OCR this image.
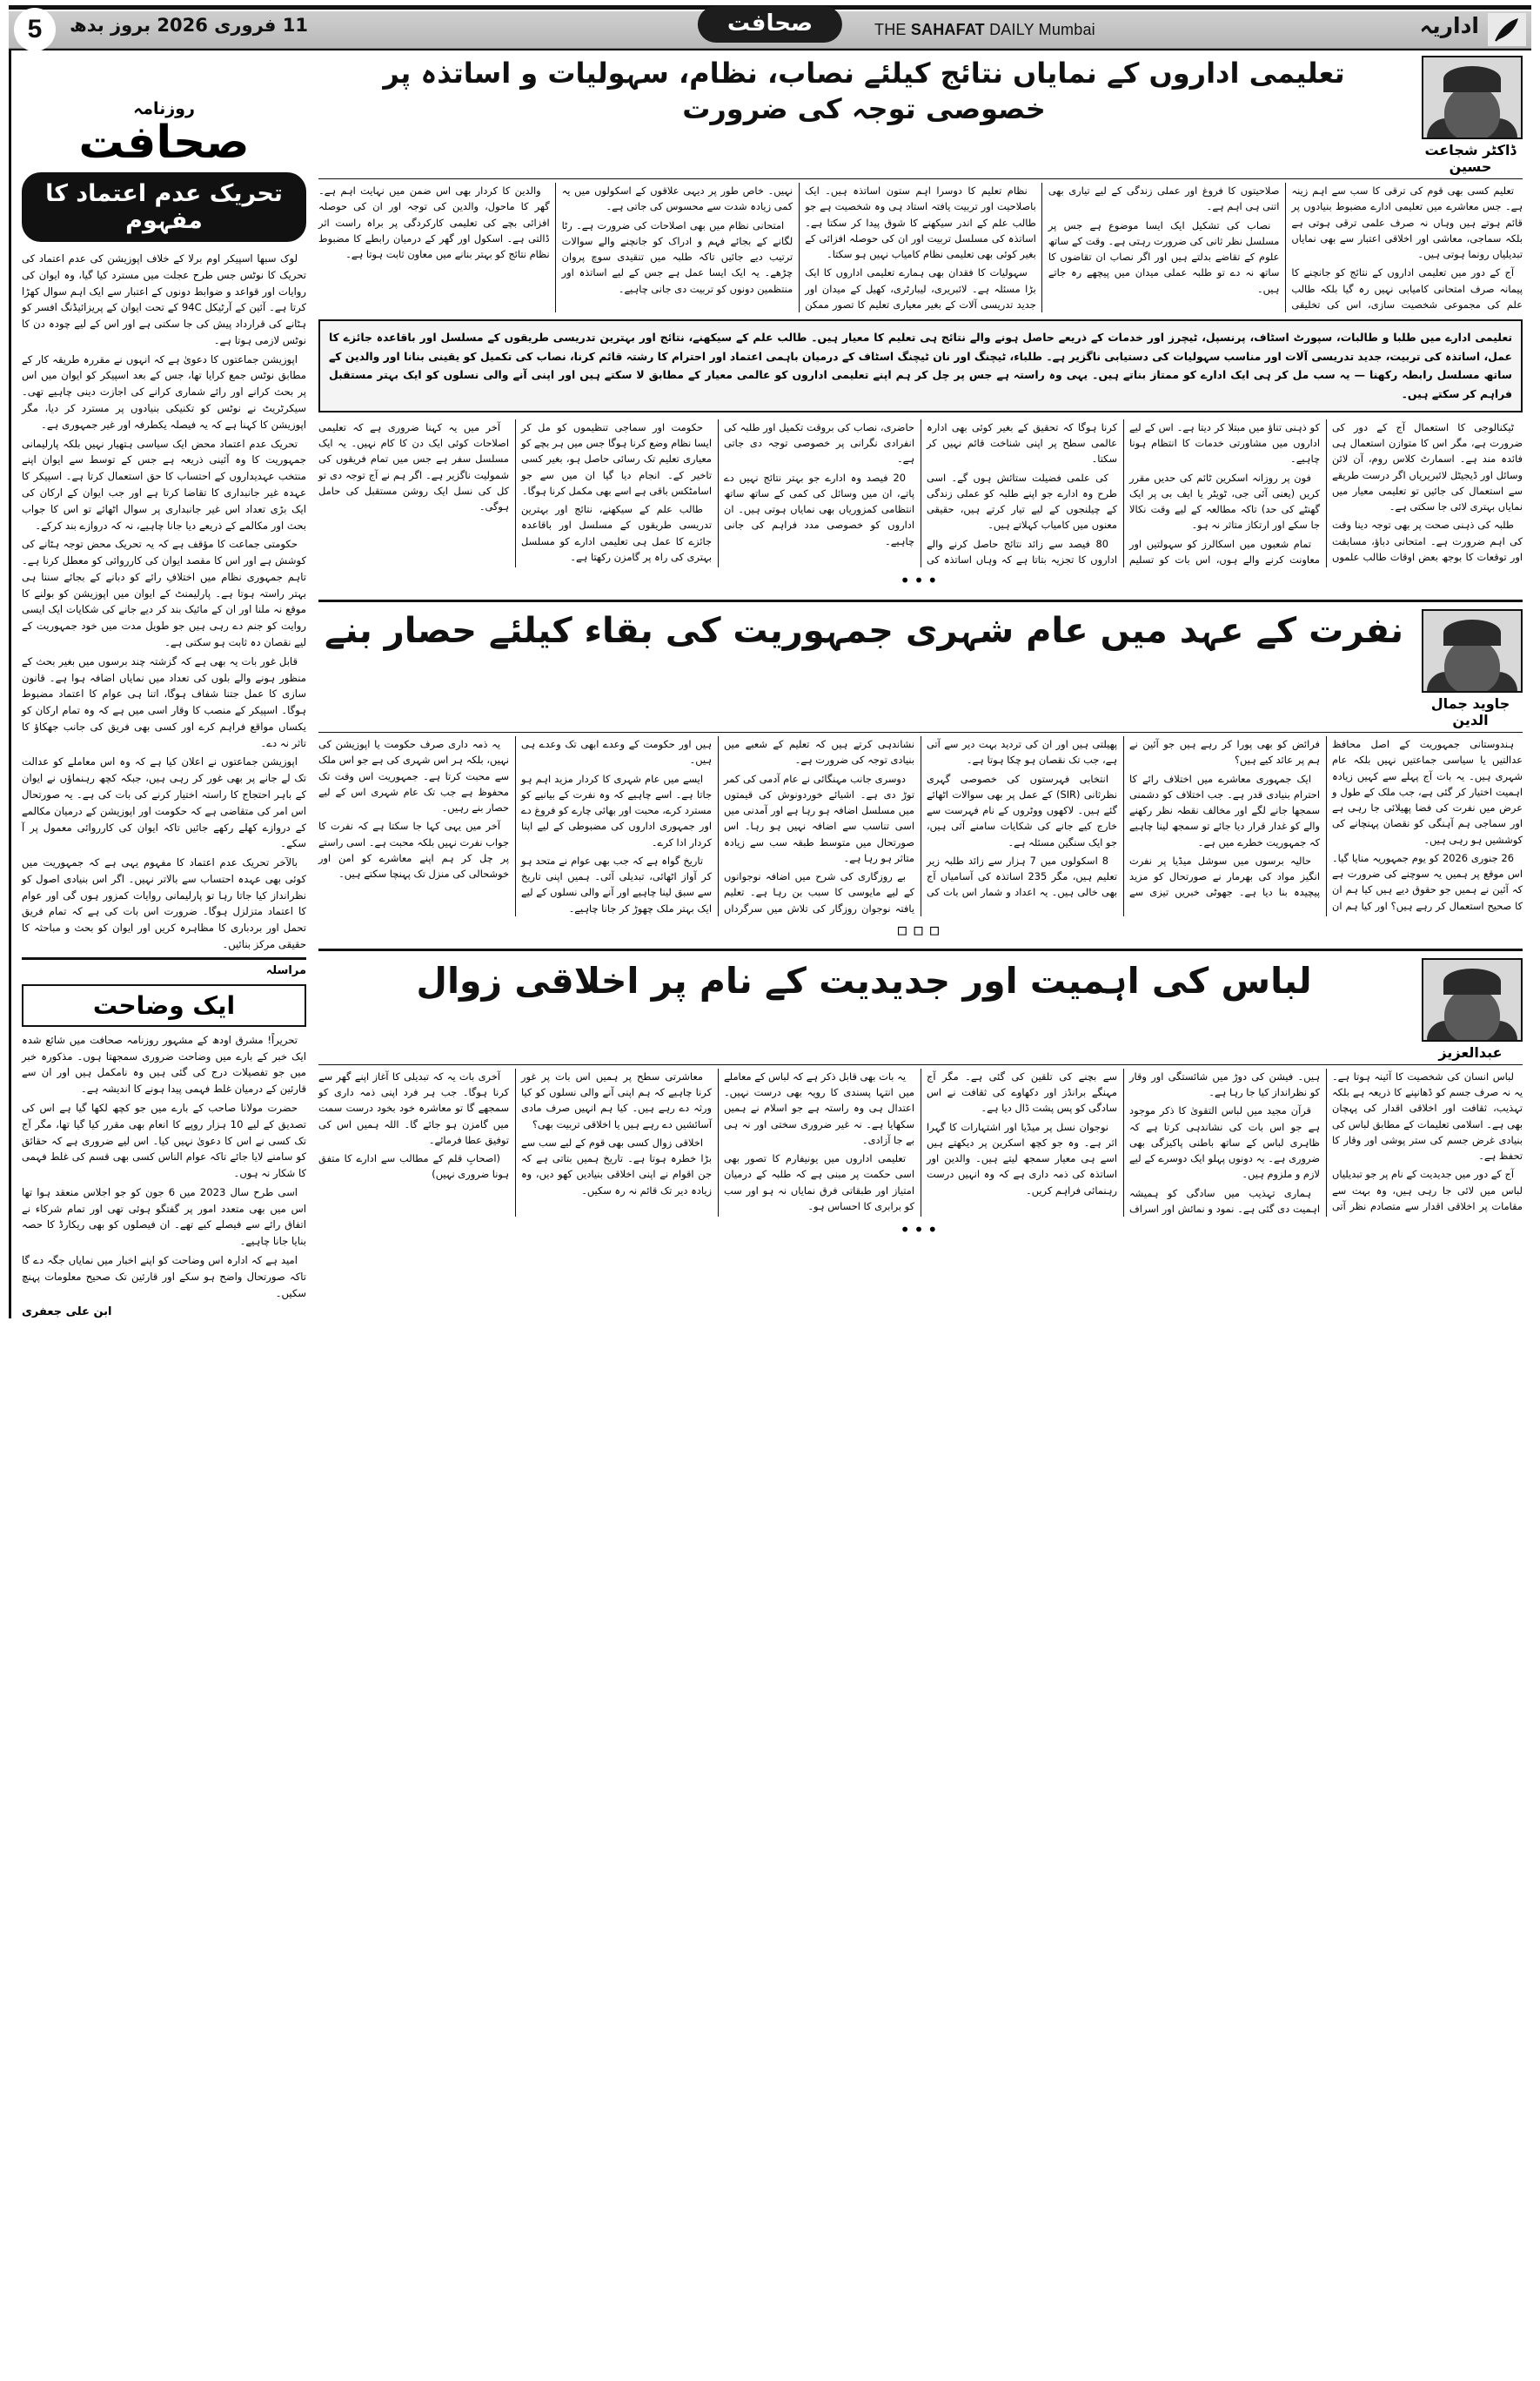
5	11 فروری 2026 بروز بدھ	صحافت	THE SAHAFAT DAILY Mumbai	اداریہ
ڈاکٹر شجاعت حسین
تعلیمی اداروں کے نمایاں نتائج کیلئے نصاب، نظام، سہولیات و اساتذہ پر خصوصی توجہ کی ضرورت

تعلیم کسی بھی قوم کی ترقی کا سب سے اہم زینہ ہے۔ جس معاشرے میں تعلیمی ادارے مضبوط بنیادوں پر قائم ہوتے ہیں وہاں نہ صرف علمی ترقی ہوتی ہے بلکہ سماجی، معاشی اور اخلاقی اعتبار سے بھی نمایاں تبدیلیاں رونما ہوتی ہیں۔

آج کے دور میں تعلیمی اداروں کے نتائج کو جانچنے کا پیمانہ صرف امتحانی کامیابی نہیں رہ گیا بلکہ طالب علم کی مجموعی شخصیت سازی، اس کی تخلیقی صلاحیتوں کا فروغ اور عملی زندگی کے لیے تیاری بھی اتنی ہی اہم ہے۔

نصاب کی تشکیل ایک ایسا موضوع ہے جس پر مسلسل نظر ثانی کی ضرورت رہتی ہے۔ وقت کے ساتھ علوم کے تقاضے بدلتے ہیں اور اگر نصاب ان تقاضوں کا ساتھ نہ دے تو طلبہ عملی میدان میں پیچھے رہ جاتے ہیں۔

نظام تعلیم کا دوسرا اہم ستون اساتذہ ہیں۔ ایک باصلاحیت اور تربیت یافتہ استاد ہی وہ شخصیت ہے جو طالب علم کے اندر سیکھنے کا شوق پیدا کر سکتا ہے۔ اساتذہ کی مسلسل تربیت اور ان کی حوصلہ افزائی کے بغیر کوئی بھی تعلیمی نظام کامیاب نہیں ہو سکتا۔

سہولیات کا فقدان بھی ہمارے تعلیمی اداروں کا ایک بڑا مسئلہ ہے۔ لائبریری، لیبارٹری، کھیل کے میدان اور جدید تدریسی آلات کے بغیر معیاری تعلیم کا تصور ممکن نہیں۔ خاص طور پر دیہی علاقوں کے اسکولوں میں یہ کمی زیادہ شدت سے محسوس کی جاتی ہے۔

امتحانی نظام میں بھی اصلاحات کی ضرورت ہے۔ رٹا لگانے کے بجائے فہم و ادراک کو جانچنے والے سوالات ترتیب دیے جائیں تاکہ طلبہ میں تنقیدی سوچ پروان چڑھے۔ یہ ایک ایسا عمل ہے جس کے لیے اساتذہ اور منتظمین دونوں کو تربیت دی جانی چاہیے۔

والدین کا کردار بھی اس ضمن میں نہایت اہم ہے۔ گھر کا ماحول، والدین کی توجہ اور ان کی حوصلہ افزائی بچے کی تعلیمی کارکردگی پر براہ راست اثر ڈالتی ہے۔ اسکول اور گھر کے درمیان رابطے کا مضبوط نظام نتائج کو بہتر بنانے میں معاون ثابت ہوتا ہے۔

تعلیمی ادارے میں طلبا و طالبات، سپورٹ اسٹاف، پرنسپل، ٹیچرز اور خدمات کے ذریعے حاصل ہونے والے نتائج ہی تعلیم کا معیار ہیں۔ طالب علم کے سیکھنے، نتائج اور بہترین تدریسی طریقوں کے مسلسل اور باقاعدہ جائزے کا عمل، اساتذہ کی تربیت، جدید تدریسی آلات اور مناسب سہولیات کی دستیابی ناگزیر ہے۔ طلباء، ٹیچنگ اور نان ٹیچنگ اسٹاف کے درمیان باہمی اعتماد اور احترام کا رشتہ قائم کرنا، نصاب کی تکمیل کو یقینی بنانا اور والدین کے ساتھ مسلسل رابطہ رکھنا — یہ سب مل کر ہی ایک ادارے کو ممتاز بناتے ہیں۔ یہی وہ راستہ ہے جس پر چل کر ہم اپنے تعلیمی اداروں کو عالمی معیار کے مطابق لا سکتے ہیں اور اپنی آنے والی نسلوں کو ایک بہتر مستقبل فراہم کر سکتے ہیں۔

ٹیکنالوجی کا استعمال آج کے دور کی ضرورت ہے، مگر اس کا متوازن استعمال ہی فائدہ مند ہے۔ اسمارٹ کلاس روم، آن لائن وسائل اور ڈیجیٹل لائبریریاں اگر درست طریقے سے استعمال کی جائیں تو تعلیمی معیار میں نمایاں بہتری لائی جا سکتی ہے۔

طلبہ کی ذہنی صحت پر بھی توجہ دینا وقت کی اہم ضرورت ہے۔ امتحانی دباؤ، مسابقت اور توقعات کا بوجھ بعض اوقات طالب علموں کو ذہنی تناؤ میں مبتلا کر دیتا ہے۔ اس کے لیے اداروں میں مشاورتی خدمات کا انتظام ہونا چاہیے۔

فون پر روزانہ اسکرین ٹائم کی حدیں مقرر کریں (یعنی آئی جی، ٹویٹر یا ایف بی پر ایک گھنٹے کی حد) تاکہ مطالعہ کے لیے وقت نکالا جا سکے اور ارتکاز متاثر نہ ہو۔

تمام شعبوں میں اسکالرز کو سہولتیں اور معاونت کرنے والے ہوں، اس بات کو تسلیم کرنا ہوگا کہ تحقیق کے بغیر کوئی بھی ادارہ عالمی سطح پر اپنی شناخت قائم نہیں کر سکتا۔

کی علمی فضیلت ستائش ہوں گے۔ اسی طرح وہ ادارے جو اپنے طلبہ کو عملی زندگی کے چیلنجوں کے لیے تیار کرتے ہیں، حقیقی معنوں میں کامیاب کہلاتے ہیں۔

80 فیصد سے زائد نتائج حاصل کرنے والے اداروں کا تجزیہ بتاتا ہے کہ وہاں اساتذہ کی حاضری، نصاب کی بروقت تکمیل اور طلبہ کی انفرادی نگرانی پر خصوصی توجہ دی جاتی ہے۔

20 فیصد وہ ادارے جو بہتر نتائج نہیں دے پاتے، ان میں وسائل کی کمی کے ساتھ ساتھ انتظامی کمزوریاں بھی نمایاں ہوتی ہیں۔ ان اداروں کو خصوصی مدد فراہم کی جانی چاہیے۔

حکومت اور سماجی تنظیموں کو مل کر ایسا نظام وضع کرنا ہوگا جس میں ہر بچے کو معیاری تعلیم تک رسائی حاصل ہو، بغیر کسی تاخیر کے۔ انجام دیا گیا ان میں سے جو اسامٹکس باقی ہے اسے بھی مکمل کرنا ہوگا۔

طالب علم کے سیکھنے، نتائج اور بہترین تدریسی طریقوں کے مسلسل اور باقاعدہ جائزے کا عمل ہی تعلیمی ادارے کو مسلسل بہتری کی راہ پر گامزن رکھتا ہے۔

آخر میں یہ کہنا ضروری ہے کہ تعلیمی اصلاحات کوئی ایک دن کا کام نہیں۔ یہ ایک مسلسل سفر ہے جس میں تمام فریقوں کی شمولیت ناگزیر ہے۔ اگر ہم نے آج توجہ دی تو کل کی نسل ایک روشن مستقبل کی حامل ہوگی۔

•••
جاوید جمال الدین
نفرت کے عہد میں عام شہری جمہوریت کی بقاء کیلئے حصار بنے

ہندوستانی جمہوریت کے اصل محافظ عدالتیں یا سیاسی جماعتیں نہیں بلکہ عام شہری ہیں۔ یہ بات آج پہلے سے کہیں زیادہ اہمیت اختیار کر گئی ہے، جب ملک کے طول و عرض میں نفرت کی فضا پھیلائی جا رہی ہے اور سماجی ہم آہنگی کو نقصان پہنچانے کی کوششیں ہو رہی ہیں۔

26 جنوری 2026 کو یوم جمہوریہ منایا گیا۔ اس موقع پر ہمیں یہ سوچنے کی ضرورت ہے کہ آئین نے ہمیں جو حقوق دیے ہیں کیا ہم ان کا صحیح استعمال کر رہے ہیں؟ اور کیا ہم ان فرائض کو بھی پورا کر رہے ہیں جو آئین نے ہم پر عائد کیے ہیں؟

ایک جمہوری معاشرے میں اختلاف رائے کا احترام بنیادی قدر ہے۔ جب اختلاف کو دشمنی سمجھا جانے لگے اور مخالف نقطہ نظر رکھنے والے کو غدار قرار دیا جائے تو سمجھ لینا چاہیے کہ جمہوریت خطرے میں ہے۔

حالیہ برسوں میں سوشل میڈیا پر نفرت انگیز مواد کی بھرمار نے صورتحال کو مزید پیچیدہ بنا دیا ہے۔ جھوٹی خبریں تیزی سے پھیلتی ہیں اور ان کی تردید بہت دیر سے آتی ہے، جب تک نقصان ہو چکا ہوتا ہے۔

انتخابی فہرستوں کی خصوصی گہری نظرثانی (SIR) کے عمل پر بھی سوالات اٹھائے گئے ہیں۔ لاکھوں ووٹروں کے نام فہرست سے خارج کیے جانے کی شکایات سامنے آئی ہیں، جو ایک سنگین مسئلہ ہے۔

8 اسکولوں میں 7 ہزار سے زائد طلبہ زیر تعلیم ہیں، مگر 235 اساتذہ کی آسامیاں آج بھی خالی ہیں۔ یہ اعداد و شمار اس بات کی نشاندہی کرتے ہیں کہ تعلیم کے شعبے میں بنیادی توجہ کی ضرورت ہے۔

دوسری جانب مہنگائی نے عام آدمی کی کمر توڑ دی ہے۔ اشیائے خوردونوش کی قیمتوں میں مسلسل اضافہ ہو رہا ہے اور آمدنی میں اسی تناسب سے اضافہ نہیں ہو رہا۔ اس صورتحال میں متوسط طبقہ سب سے زیادہ متاثر ہو رہا ہے۔

بے روزگاری کی شرح میں اضافہ نوجوانوں کے لیے مایوسی کا سبب بن رہا ہے۔ تعلیم یافتہ نوجوان روزگار کی تلاش میں سرگرداں ہیں اور حکومت کے وعدے ابھی تک وعدے ہی ہیں۔

ایسے میں عام شہری کا کردار مزید اہم ہو جاتا ہے۔ اسے چاہیے کہ وہ نفرت کے بیانیے کو مسترد کرے، محبت اور بھائی چارے کو فروغ دے اور جمہوری اداروں کی مضبوطی کے لیے اپنا کردار ادا کرے۔

تاریخ گواہ ہے کہ جب بھی عوام نے متحد ہو کر آواز اٹھائی، تبدیلی آئی۔ ہمیں اپنی تاریخ سے سبق لینا چاہیے اور آنے والی نسلوں کے لیے ایک بہتر ملک چھوڑ کر جانا چاہیے۔

یہ ذمہ داری صرف حکومت یا اپوزیشن کی نہیں، بلکہ ہر اس شہری کی ہے جو اس ملک سے محبت کرتا ہے۔ جمہوریت اس وقت تک محفوظ ہے جب تک عام شہری اس کے لیے حصار بنے رہیں۔

آخر میں یہی کہا جا سکتا ہے کہ نفرت کا جواب نفرت نہیں بلکہ محبت ہے۔ اسی راستے پر چل کر ہم اپنے معاشرے کو امن اور خوشحالی کی منزل تک پہنچا سکتے ہیں۔

▫▫▫
عبدالعزیز
لباس کی اہمیت اور جدیدیت کے نام پر اخلاقی زوال

لباس انسان کی شخصیت کا آئینہ ہوتا ہے۔ یہ نہ صرف جسم کو ڈھانپنے کا ذریعہ ہے بلکہ تہذیب، ثقافت اور اخلاقی اقدار کی پہچان بھی ہے۔ اسلامی تعلیمات کے مطابق لباس کی بنیادی غرض جسم کی ستر پوشی اور وقار کا تحفظ ہے۔

آج کے دور میں جدیدیت کے نام پر جو تبدیلیاں لباس میں لائی جا رہی ہیں، وہ بہت سے مقامات پر اخلاقی اقدار سے متصادم نظر آتی ہیں۔ فیشن کی دوڑ میں شائستگی اور وقار کو نظرانداز کیا جا رہا ہے۔

قرآن مجید میں لباس التقویٰ کا ذکر موجود ہے جو اس بات کی نشاندہی کرتا ہے کہ ظاہری لباس کے ساتھ باطنی پاکیزگی بھی ضروری ہے۔ یہ دونوں پہلو ایک دوسرے کے لیے لازم و ملزوم ہیں۔

ہماری تہذیب میں سادگی کو ہمیشہ اہمیت دی گئی ہے۔ نمود و نمائش اور اسراف سے بچنے کی تلقین کی گئی ہے۔ مگر آج مہنگے برانڈز اور دکھاوے کی ثقافت نے اس سادگی کو پس پشت ڈال دیا ہے۔

نوجوان نسل پر میڈیا اور اشتہارات کا گہرا اثر ہے۔ وہ جو کچھ اسکرین پر دیکھتے ہیں اسے ہی معیار سمجھ لیتے ہیں۔ والدین اور اساتذہ کی ذمہ داری ہے کہ وہ انہیں درست رہنمائی فراہم کریں۔

یہ بات بھی قابل ذکر ہے کہ لباس کے معاملے میں انتہا پسندی کا رویہ بھی درست نہیں۔ اعتدال ہی وہ راستہ ہے جو اسلام نے ہمیں سکھایا ہے۔ نہ غیر ضروری سختی اور نہ ہی بے جا آزادی۔

تعلیمی اداروں میں یونیفارم کا تصور بھی اسی حکمت پر مبنی ہے کہ طلبہ کے درمیان امتیاز اور طبقاتی فرق نمایاں نہ ہو اور سب کو برابری کا احساس ہو۔

معاشرتی سطح پر ہمیں اس بات پر غور کرنا چاہیے کہ ہم اپنی آنے والی نسلوں کو کیا ورثہ دے رہے ہیں۔ کیا ہم انہیں صرف مادی آسائشیں دے رہے ہیں یا اخلاقی تربیت بھی؟

اخلاقی زوال کسی بھی قوم کے لیے سب سے بڑا خطرہ ہوتا ہے۔ تاریخ ہمیں بتاتی ہے کہ جن اقوام نے اپنی اخلاقی بنیادیں کھو دیں، وہ زیادہ دیر تک قائم نہ رہ سکیں۔

آخری بات یہ کہ تبدیلی کا آغاز اپنے گھر سے کرنا ہوگا۔ جب ہر فرد اپنی ذمہ داری کو سمجھے گا تو معاشرہ خود بخود درست سمت میں گامزن ہو جائے گا۔ اللہ ہمیں اس کی توفیق عطا فرمائے۔

(اصحابِ قلم کے مطالب سے ادارے کا متفق ہونا ضروری نہیں)

•••
روزنامہ
صحافت
تحریک عدم اعتماد کا مفہوم

لوک سبھا اسپیکر اوم برلا کے خلاف اپوزیشن کی عدم اعتماد کی تحریک کا نوٹس جس طرح عجلت میں مسترد کیا گیا، وہ ایوان کی روایات اور قواعد و ضوابط دونوں کے اعتبار سے ایک اہم سوال کھڑا کرتا ہے۔ آئین کے آرٹیکل 94C کے تحت ایوان کے پریزائیڈنگ افسر کو ہٹانے کی قرارداد پیش کی جا سکتی ہے اور اس کے لیے چودہ دن کا نوٹس لازمی ہوتا ہے۔

اپوزیشن جماعتوں کا دعویٰ ہے کہ انہوں نے مقررہ طریقہ کار کے مطابق نوٹس جمع کرایا تھا، جس کے بعد اسپیکر کو ایوان میں اس پر بحث کرانے اور رائے شماری کرانے کی اجازت دینی چاہیے تھی۔ سیکرٹریٹ نے نوٹس کو تکنیکی بنیادوں پر مسترد کر دیا، مگر اپوزیشن کا کہنا ہے کہ یہ فیصلہ یکطرفہ اور غیر جمہوری ہے۔

تحریک عدم اعتماد محض ایک سیاسی ہتھیار نہیں بلکہ پارلیمانی جمہوریت کا وہ آئینی ذریعہ ہے جس کے توسط سے ایوان اپنے منتخب عہدیداروں کے احتساب کا حق استعمال کرتا ہے۔ اسپیکر کا عہدہ غیر جانبداری کا تقاضا کرتا ہے اور جب ایوان کے ارکان کی ایک بڑی تعداد اس غیر جانبداری پر سوال اٹھائے تو اس کا جواب بحث اور مکالمے کے ذریعے دیا جانا چاہیے، نہ کہ دروازے بند کرکے۔

حکومتی جماعت کا مؤقف ہے کہ یہ تحریک محض توجہ ہٹانے کی کوشش ہے اور اس کا مقصد ایوان کی کارروائی کو معطل کرنا ہے۔ تاہم جمہوری نظام میں اختلافِ رائے کو دبانے کے بجائے سننا ہی بہتر راستہ ہوتا ہے۔ پارلیمنٹ کے ایوان میں اپوزیشن کو بولنے کا موقع نہ ملنا اور ان کے مائیک بند کر دیے جانے کی شکایات ایک ایسی روایت کو جنم دے رہی ہیں جو طویل مدت میں خود جمہوریت کے لیے نقصان دہ ثابت ہو سکتی ہے۔

قابل غور بات یہ بھی ہے کہ گزشتہ چند برسوں میں بغیر بحث کے منظور ہونے والے بلوں کی تعداد میں نمایاں اضافہ ہوا ہے۔ قانون سازی کا عمل جتنا شفاف ہوگا، اتنا ہی عوام کا اعتماد مضبوط ہوگا۔ اسپیکر کے منصب کا وقار اسی میں ہے کہ وہ تمام ارکان کو یکساں مواقع فراہم کرے اور کسی بھی فریق کی جانب جھکاؤ کا تاثر نہ دے۔

اپوزیشن جماعتوں نے اعلان کیا ہے کہ وہ اس معاملے کو عدالت تک لے جانے پر بھی غور کر رہی ہیں، جبکہ کچھ رہنماؤں نے ایوان کے باہر احتجاج کا راستہ اختیار کرنے کی بات کی ہے۔ یہ صورتحال اس امر کی متقاضی ہے کہ حکومت اور اپوزیشن کے درمیان مکالمے کے دروازے کھلے رکھے جائیں تاکہ ایوان کی کارروائی معمول پر آ سکے۔

بالآخر تحریک عدم اعتماد کا مفہوم یہی ہے کہ جمہوریت میں کوئی بھی عہدہ احتساب سے بالاتر نہیں۔ اگر اس بنیادی اصول کو نظرانداز کیا جاتا رہا تو پارلیمانی روایات کمزور ہوں گی اور عوام کا اعتماد متزلزل ہوگا۔ ضرورت اس بات کی ہے کہ تمام فریق تحمل اور بردباری کا مظاہرہ کریں اور ایوان کو بحث و مباحثہ کا حقیقی مرکز بنائیں۔

مراسلہ
ایک وضاحت

تحریراً! مشرق اودھ کے مشہور روزنامہ صحافت میں شائع شدہ ایک خبر کے بارے میں وضاحت ضروری سمجھتا ہوں۔ مذکورہ خبر میں جو تفصیلات درج کی گئی ہیں وہ نامکمل ہیں اور ان سے قارئین کے درمیان غلط فہمی پیدا ہونے کا اندیشہ ہے۔

حضرت مولانا صاحب کے بارے میں جو کچھ لکھا گیا ہے اس کی تصدیق کے لیے 10 ہزار روپے کا انعام بھی مقرر کیا گیا تھا، مگر آج تک کسی نے اس کا دعویٰ نہیں کیا۔ اس لیے ضروری ہے کہ حقائق کو سامنے لایا جائے تاکہ عوام الناس کسی بھی قسم کی غلط فہمی کا شکار نہ ہوں۔

اسی طرح سال 2023 میں 6 جون کو جو اجلاس منعقد ہوا تھا اس میں بھی متعدد امور پر گفتگو ہوئی تھی اور تمام شرکاء نے اتفاق رائے سے فیصلے کیے تھے۔ ان فیصلوں کو بھی ریکارڈ کا حصہ بنایا جانا چاہیے۔

امید ہے کہ ادارہ اس وضاحت کو اپنے اخبار میں نمایاں جگہ دے گا تاکہ صورتحال واضح ہو سکے اور قارئین تک صحیح معلومات پہنچ سکیں۔

ابن علی جعفری
